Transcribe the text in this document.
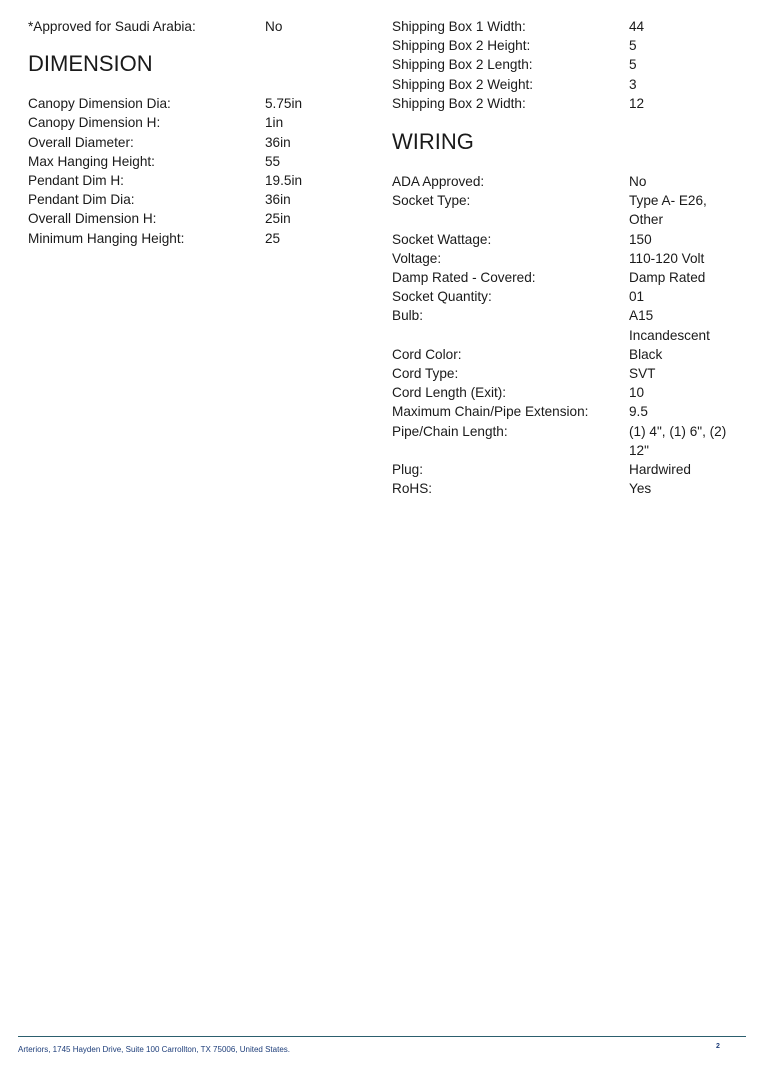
*Approved for Saudi Arabia:	No
DIMENSION
Canopy Dimension Dia:	5.75in
Canopy Dimension H:	1in
Overall Diameter:	36in
Max Hanging Height:	55
Pendant Dim H:	19.5in
Pendant Dim Dia:	36in
Overall Dimension H:	25in
Minimum Hanging Height:	25
Shipping Box 1 Width:	44
Shipping Box 2 Height:	5
Shipping Box 2 Length:	5
Shipping Box 2 Weight:	3
Shipping Box 2 Width:	12
WIRING
ADA Approved:	No
Socket Type:	Type A- E26, Other
Socket Wattage:	150
Voltage:	110-120 Volt
Damp Rated - Covered:	Damp Rated
Socket Quantity:	01
Bulb:	A15 Incandescent
Cord Color:	Black
Cord Type:	SVT
Cord Length (Exit):	10
Maximum Chain/Pipe Extension:	9.5
Pipe/Chain Length:	(1) 4", (1) 6", (2) 12"
Plug:	Hardwired
RoHS:	Yes
Arteriors, 1745 Hayden Drive, Suite 100 Carrollton, TX 75006, United States.	2
